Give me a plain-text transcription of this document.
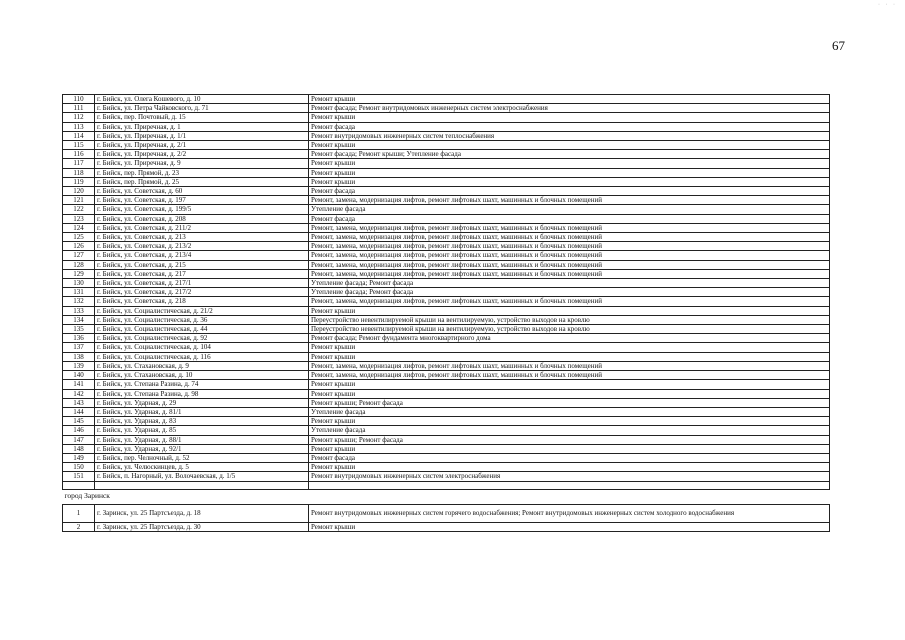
· · ·
67
110	г. Бийск, ул. Олега Кошевого, д. 10	Ремонт крыши
111	г. Бийск, ул. Петра Чайковского, д. 71	Ремонт фасада; Ремонт внутридомовых инженерных систем электроснабжения
112	г. Бийск, пер. Почтовый, д. 15	Ремонт крыши
113	г. Бийск, ул. Приречная, д. 1	Ремонт фасада
114	г. Бийск, ул. Приречная, д. 1/1	Ремонт внутридомовых инженерных систем теплоснабжения
115	г. Бийск, ул. Приречная, д. 2/1	Ремонт крыши
116	г. Бийск, ул. Приречная, д. 2/2	Ремонт фасада; Ремонт крыши; Утепление фасада
117	г. Бийск, ул. Приречная, д. 9	Ремонт крыши
118	г. Бийск, пер. Прямой, д. 23	Ремонт крыши
119	г. Бийск, пер. Прямой, д. 25	Ремонт крыши
120	г. Бийск, ул. Советская, д. 60	Ремонт фасада
121	г. Бийск, ул. Советская, д. 197	Ремонт, замена, модернизация лифтов, ремонт лифтовых шахт, машинных и блочных помещений
122	г. Бийск, ул. Советская, д. 199/5	Утепление фасада
123	г. Бийск, ул. Советская, д. 208	Ремонт фасада
124	г. Бийск, ул. Советская, д. 211/2	Ремонт, замена, модернизация лифтов, ремонт лифтовых шахт, машинных и блочных помещений
125	г. Бийск, ул. Советская, д. 213	Ремонт, замена, модернизация лифтов, ремонт лифтовых шахт, машинных и блочных помещений
126	г. Бийск, ул. Советская, д. 213/2	Ремонт, замена, модернизация лифтов, ремонт лифтовых шахт, машинных и блочных помещений
127	г. Бийск, ул. Советская, д. 213/4	Ремонт, замена, модернизация лифтов, ремонт лифтовых шахт, машинных и блочных помещений
128	г. Бийск, ул. Советская, д. 215	Ремонт, замена, модернизация лифтов, ремонт лифтовых шахт, машинных и блочных помещений
129	г. Бийск, ул. Советская, д. 217	Ремонт, замена, модернизация лифтов, ремонт лифтовых шахт, машинных и блочных помещений
130	г. Бийск, ул. Советская, д. 217/1	Утепление фасада; Ремонт фасада
131	г. Бийск, ул. Советская, д. 217/2	Утепление фасада; Ремонт фасада
132	г. Бийск, ул. Советская, д. 218	Ремонт, замена, модернизация лифтов, ремонт лифтовых шахт, машинных и блочных помещений
133	г. Бийск, ул. Социалистическая, д. 21/2	Ремонт крыши
134	г. Бийск, ул. Социалистическая, д. 36	Переустройство невентилируемой крыши на вентилируемую, устройство выходов на кровлю
135	г. Бийск, ул. Социалистическая, д. 44	Переустройство невентилируемой крыши на вентилируемую, устройство выходов на кровлю
136	г. Бийск, ул. Социалистическая, д. 92	Ремонт фасада; Ремонт фундамента многоквартирного дома
137	г. Бийск, ул. Социалистическая, д. 104	Ремонт крыши
138	г. Бийск, ул. Социалистическая, д. 116	Ремонт крыши
139	г. Бийск, ул. Стахановская, д. 9	Ремонт, замена, модернизация лифтов, ремонт лифтовых шахт, машинных и блочных помещений
140	г. Бийск, ул. Стахановская, д. 10	Ремонт, замена, модернизация лифтов, ремонт лифтовых шахт, машинных и блочных помещений
141	г. Бийск, ул. Степана Разина, д. 74	Ремонт крыши
142	г. Бийск, ул. Степана Разина, д. 98	Ремонт крыши
143	г. Бийск, ул. Ударная, д. 29	Ремонт крыши; Ремонт фасада
144	г. Бийск, ул. Ударная, д. 81/1	Утепление фасада
145	г. Бийск, ул. Ударная, д. 83	Ремонт крыши
146	г. Бийск, ул. Ударная, д. 85	Утепление фасада
147	г. Бийск, ул. Ударная, д. 88/1	Ремонт крыши; Ремонт фасада
148	г. Бийск, ул. Ударная, д. 92/1	Ремонт крыши
149	г. Бийск, пер. Челночный, д. 52	Ремонт фасада
150	г. Бийск, ул. Челюскинцев, д. 5	Ремонт крыши
151	г. Бийск, п. Нагорный, ул. Волочаевская, д. 1/5	Ремонт внутридомовых инженерных систем электроснабжения

город Заринск		
1	г. Заринск, ул. 25 Партсъезда, д. 18	Ремонт внутридомовых инженерных систем горячего водоснабжения; Ремонт внутридомовых инженерных систем холодного водоснабжения
2	г. Заринск, ул. 25 Партсъезда, д. 30	Ремонт крыши
